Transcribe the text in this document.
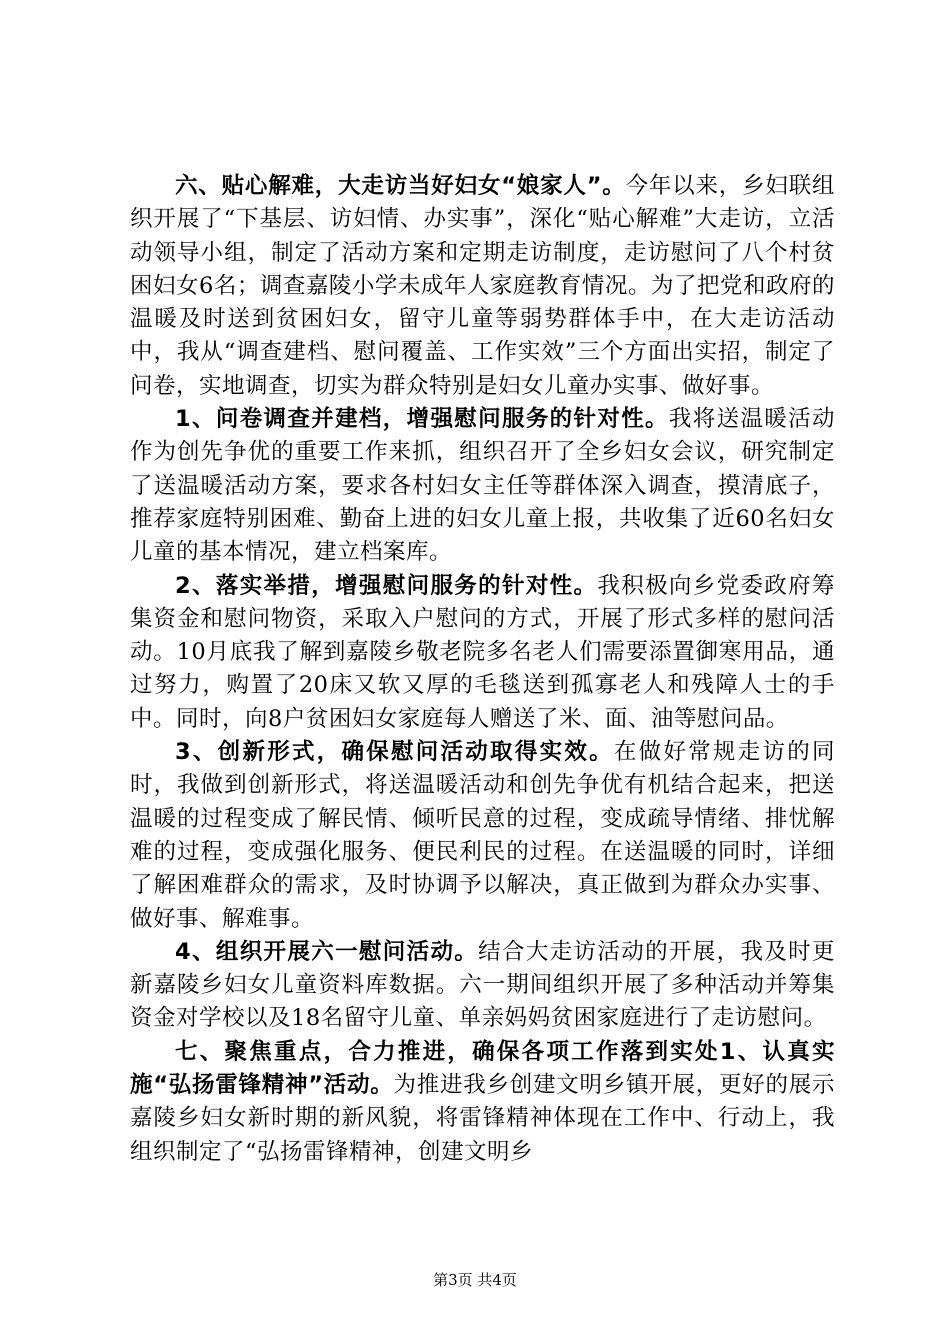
六、贴心解难，大走访当好妇女“娘家人”。今年以来，乡妇联组织开展了“下基层、访妇情、办实事”，深化“贴心解难”大走访，立活动领导小组，制定了活动方案和定期走访制度，走访慰问了八个村贫困妇女6名；调查嘉陵小学未成年人家庭教育情况。为了把党和政府的温暖及时送到贫困妇女，留守儿童等弱势群体手中，在大走访活动中，我从“调查建档、慰问覆盖、工作实效”三个方面出实招，制定了问卷，实地调查，切实为群众特别是妇女儿童办实事、做好事。

1、问卷调查并建档，增强慰问服务的针对性。我将送温暖活动作为创先争优的重要工作来抓，组织召开了全乡妇女会议，研究制定了送温暖活动方案，要求各村妇女主任等群体深入调查，摸清底子，推荐家庭特别困难、勤奋上进的妇女儿童上报，共收集了近60名妇女儿童的基本情况，建立档案库。

2、落实举措，增强慰问服务的针对性。我积极向乡党委政府筹集资金和慰问物资，采取入户慰问的方式，开展了形式多样的慰问活动。10月底我了解到嘉陵乡敬老院多名老人们需要添置御寒用品，通过努力，购置了20床又软又厚的毛毯送到孤寡老人和残障人士的手中。同时，向8户贫困妇女家庭每人赠送了米、面、油等慰问品。

3、创新形式，确保慰问活动取得实效。在做好常规走访的同时，我做到创新形式，将送温暖活动和创先争优有机结合起来，把送温暖的过程变成了解民情、倾听民意的过程，变成疏导情绪、排忧解难的过程，变成强化服务、便民利民的过程。在送温暖的同时，详细了解困难群众的需求，及时协调予以解决，真正做到为群众办实事、做好事、解难事。

4、组织开展六一慰问活动。结合大走访活动的开展，我及时更新嘉陵乡妇女儿童资料库数据。六一期间组织开展了多种活动并筹集资金对学校以及18名留守儿童、单亲妈妈贫困家庭进行了走访慰问。

七、聚焦重点，合力推进，确保各项工作落到实处1、认真实施“弘扬雷锋精神”活动。为推进我乡创建文明乡镇开展，更好的展示嘉陵乡妇女新时期的新风貌，将雷锋精神体现在工作中、行动上，我组织制定了“弘扬雷锋精神，创建文明乡

第3页 共4页
